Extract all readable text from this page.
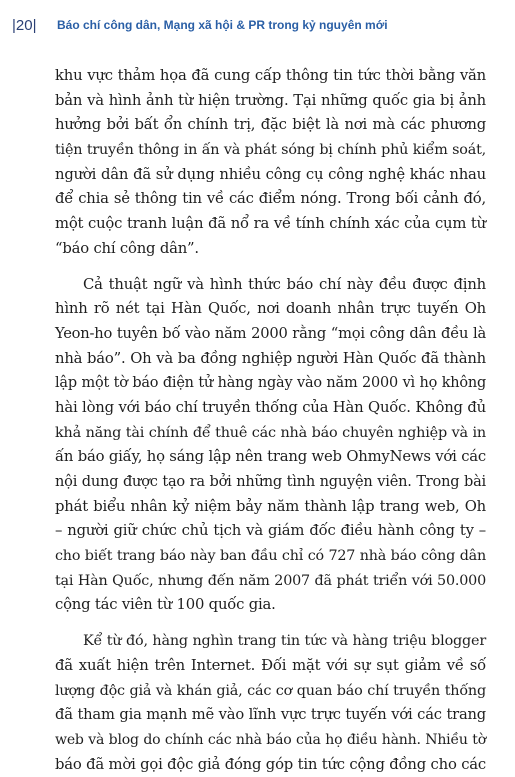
|20| Báo chí công dân, Mạng xã hội & PR trong kỷ nguyên mới
khu vực thảm họa đã cung cấp thông tin tức thời bằng văn
bản và hình ảnh từ hiện trường. Tại những quốc gia bị ảnh
hưởng bởi bất ổn chính trị, đặc biệt là nơi mà các phương
tiện truyền thông in ấn và phát sóng bị chính phủ kiểm soát,
người dân đã sử dụng nhiều công cụ công nghệ khác nhau
để chia sẻ thông tin về các điểm nóng. Trong bối cảnh đó,
một cuộc tranh luận đã nổ ra về tính chính xác của cụm từ
“báo chí công dân”.
Cả thuật ngữ và hình thức báo chí này đều được định
hình rõ nét tại Hàn Quốc, nơi doanh nhân trực tuyến Oh
Yeon-ho tuyên bố vào năm 2000 rằng “mọi công dân đều là
nhà báo”. Oh và ba đồng nghiệp người Hàn Quốc đã thành
lập một tờ báo điện tử hàng ngày vào năm 2000 vì họ không
hài lòng với báo chí truyền thống của Hàn Quốc. Không đủ
khả năng tài chính để thuê các nhà báo chuyên nghiệp và in
ấn báo giấy, họ sáng lập nên trang web OhmyNews với các
nội dung được tạo ra bởi những tình nguyện viên. Trong bài
phát biểu nhân kỷ niệm bảy năm thành lập trang web, Oh
– người giữ chức chủ tịch và giám đốc điều hành công ty –
cho biết trang báo này ban đầu chỉ có 727 nhà báo công dân
tại Hàn Quốc, nhưng đến năm 2007 đã phát triển với 50.000
cộng tác viên từ 100 quốc gia.
Kể từ đó, hàng nghìn trang tin tức và hàng triệu blogger
đã xuất hiện trên Internet. Đối mặt với sự sụt giảm về số
lượng độc giả và khán giả, các cơ quan báo chí truyền thống
đã tham gia mạnh mẽ vào lĩnh vực trực tuyến với các trang
web và blog do chính các nhà báo của họ điều hành. Nhiều tờ
báo đã mời gọi độc giả đóng góp tin tức cộng đồng cho các
